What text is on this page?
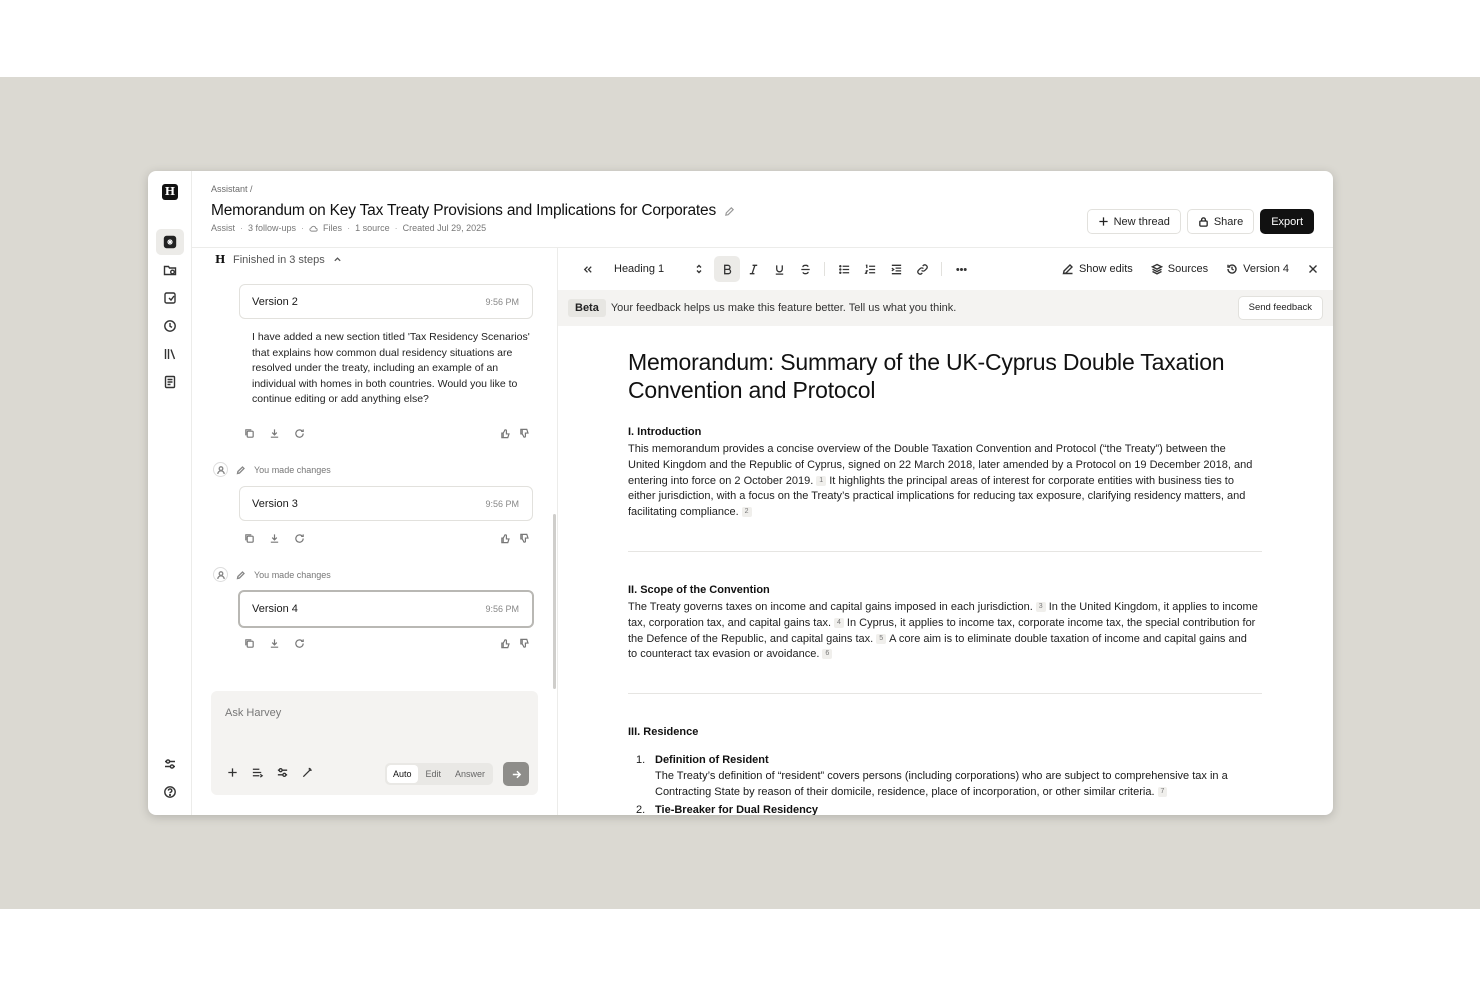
H	Assistant /
Memorandum on Key Tax Treaty Provisions and Implications for Corporates
Assist · 3 follow-ups · Files · 1 source · Created Jul 29, 2025
New thread	Share	Export
H Finished in 3 steps
Version 2	9:56 PM
I have added a new section titled 'Tax Residency Scenarios' that explains how common dual residency situations are resolved under the treaty, including an example of an individual with homes in both countries. Would you like to continue editing or add anything else?
You made changes
Version 3	9:56 PM
You made changes
Version 4	9:56 PM
Ask Harvey
Auto	Edit	Answer
Heading 1	Show edits	Sources	Version 4
Beta	Your feedback helps us make this feature better. Tell us what you think.	Send feedback
Memorandum: Summary of the UK-Cyprus Double Taxation Convention and Protocol
I. Introduction

This memorandum provides a concise overview of the Double Taxation Convention and Protocol (“the Treaty”) between the United Kingdom and the Republic of Cyprus, signed on 22 March 2018, later amended by a Protocol on 19 December 2018, and entering into force on 2 October 2019. 1 It highlights the principal areas of interest for corporate entities with business ties to either jurisdiction, with a focus on the Treaty’s practical implications for reducing tax exposure, clarifying residency matters, and facilitating compliance. 2

II. Scope of the Convention

The Treaty governs taxes on income and capital gains imposed in each jurisdiction. 3 In the United Kingdom, it applies to income tax, corporation tax, and capital gains tax. 4 In Cyprus, it applies to income tax, corporate income tax, the special contribution for the Defence of the Republic, and capital gains tax. 5 A core aim is to eliminate double taxation of income and capital gains and to counteract tax evasion or avoidance. 6

III. Residence
1. Definition of Resident
The Treaty’s definition of “resident” covers persons (including corporations) who are subject to comprehensive tax in a Contracting State by reason of their domicile, residence, place of incorporation, or other similar criteria. 7
2. Tie-Breaker for Dual Residency
